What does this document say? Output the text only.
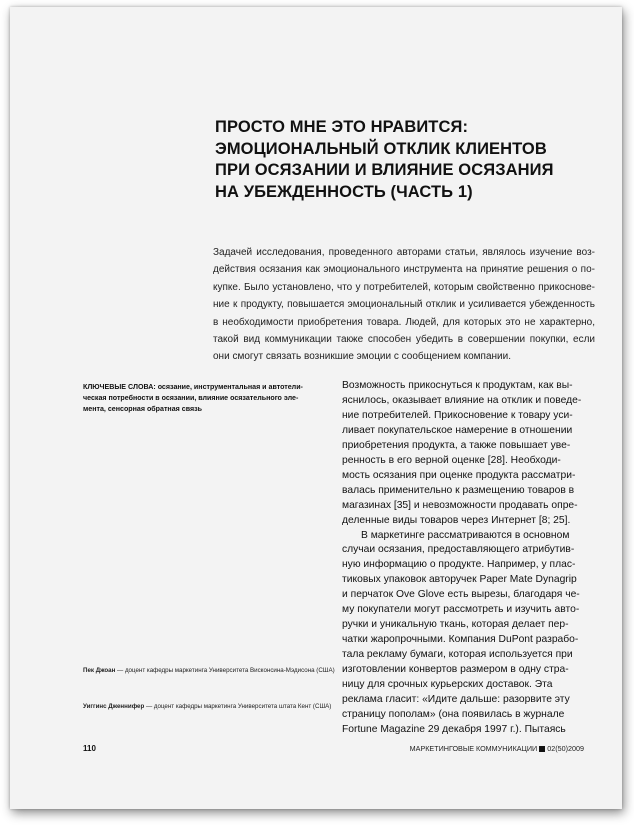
ПРОСТО МНЕ ЭТО НРАВИТСЯ:
ЭМОЦИОНАЛЬНЫЙ ОТКЛИК КЛИЕНТОВ
ПРИ ОСЯЗАНИИ И ВЛИЯНИЕ ОСЯЗАНИЯ
НА УБЕЖДЕННОСТЬ (ЧАСТЬ 1)

Задачей исследования, проведенного авторами статьи, являлось изучение воз-
действия осязания как эмоционального инструмента на принятие решения о по-
купке. Было установлено, что у потребителей, которым свойственно прикоснове-
ние к продукту, повышается эмоциональный отклик и усиливается убежденность
в необходимости приобретения товара. Людей, для которых это не характерно,
такой вид коммуникации также способен убедить в совершении покупки, если
они смогут связать возникшие эмоции с сообщением компании.

КЛЮЧЕВЫЕ СЛОВА: осязание, инструментальная и автотели-
ческая потребности в осязании, влияние осязательного эле-
мента, сенсорная обратная связь

Возможность прикоснуться к продуктам, как вы-
яснилось, оказывает влияние на отклик и поведе-
ние потребителей. Прикосновение к товару уси-
ливает покупательское намерение в отношении
приобретения продукта, а также повышает уве-
ренность в его верной оценке [28]. Необходи-
мость осязания при оценке продукта рассматри-
валась применительно к размещению товаров в
магазинах [35] и невозможности продавать опре-
деленные виды товаров через Интернет [8; 25].
В маркетинге рассматриваются в основном
случаи осязания, предоставляющего атрибутив-
ную информацию о продукте. Например, у плас-
тиковых упаковок авторучек Paper Mate Dynagrip
и перчаток Ove Glove есть вырезы, благодаря че-
му покупатели могут рассмотреть и изучить авто-
ручки и уникальную ткань, которая делает пер-
чатки жаропрочными. Компания DuPont разрабо-
тала рекламу бумаги, которая используется при
изготовлении конвертов размером в одну стра-
ницу для срочных курьерских доставок. Эта
реклама гласит: «Идите дальше: разорвите эту
страницу пополам» (она появилась в журнале
Fortune Magazine 29 декабря 1997 г.). Пытаясь

Пек Джоан — доцент кафедры маркетинга Университета Висконсина-Мэдисона (США)

Уиггинс Дженнифер — доцент кафедры маркетинга Университета штата Кент (США)

110	МАРКЕТИНГОВЫЕ КОММУНИКАЦИИ 02(50)2009
